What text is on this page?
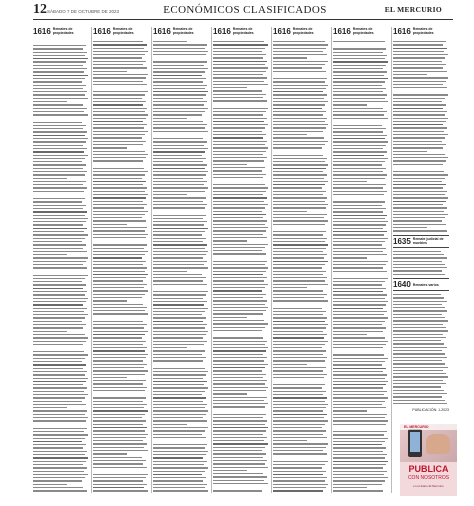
12 SÁBADO 7 DE OCTUBRE DE 2023	ECONÓMICOS CLASIFICADOS	EL MERCURIO
1616 Remates de propiedades	1616 Remates de propiedades	1616 Remates de propiedades	1616 Remates de propiedades	1616 Remates de propiedades	1616 Remates de propiedades	1616 Remates de propiedades
1635 Remate judicial de muebles
1640 Remates varios
PUBLICACIÓN: 1-2023
EL MERCURIO
PUBLICA
CON NOSOTROS
en el diario El Mercurio
